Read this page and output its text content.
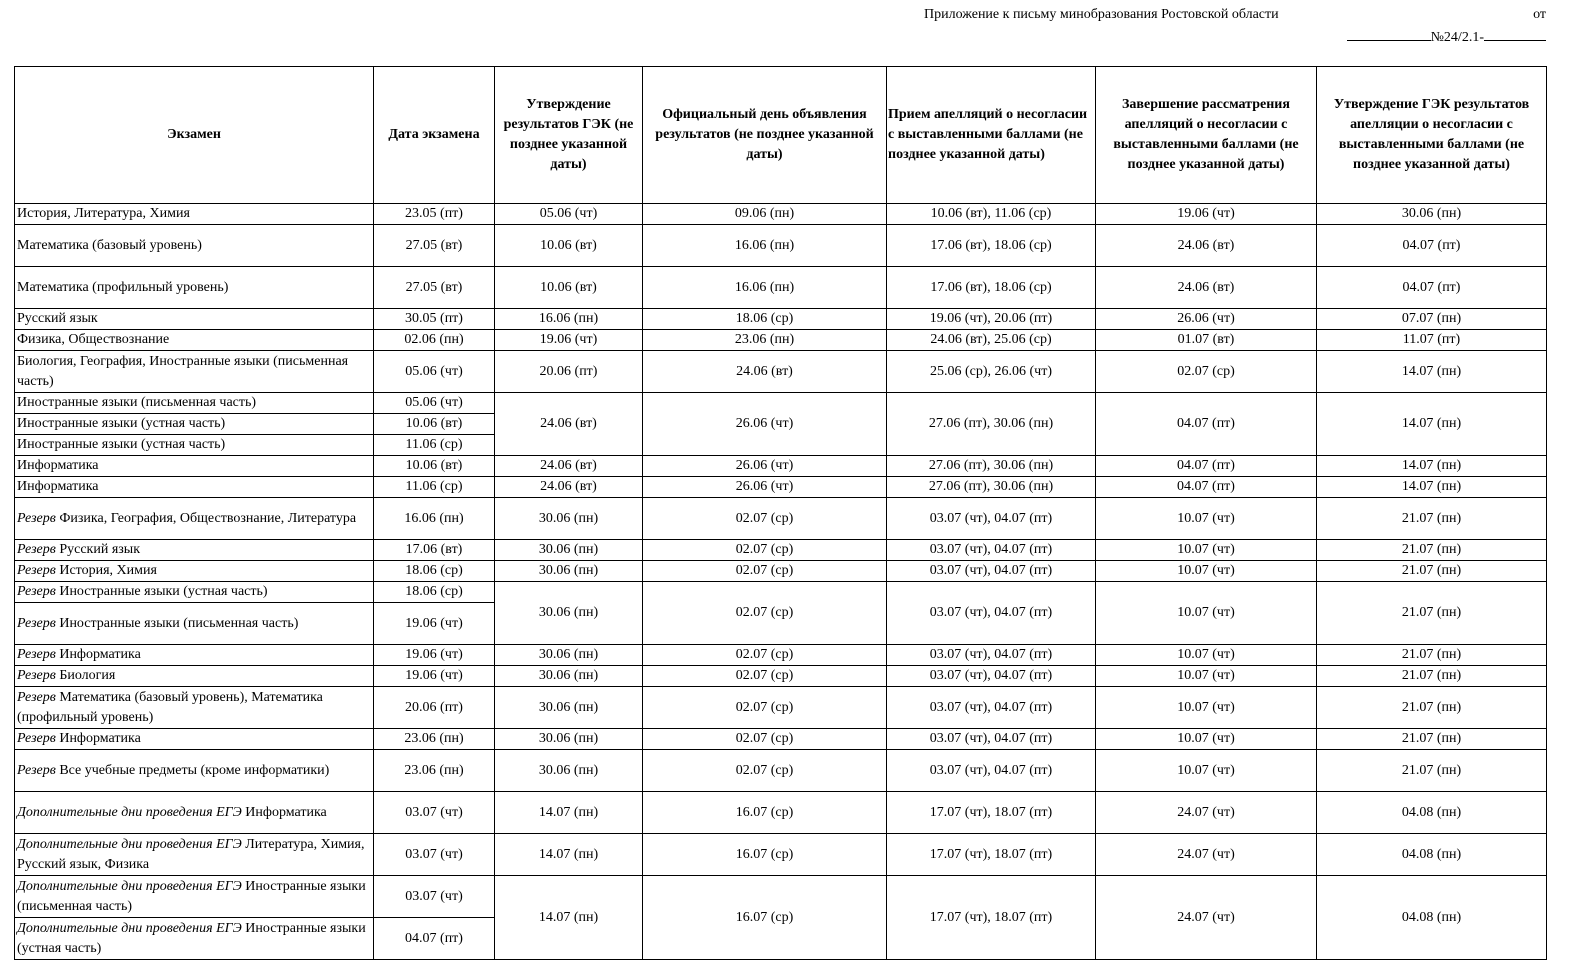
Приложение к письму минобразования Ростовской области	от
№24/2.1-
Экзамен	Дата экзамена	Утверждение результатов ГЭК (не позднее указанной даты)	Официальный день объявления результатов (не позднее указанной даты)	Прием апелляций о несогласии с выставленными баллами (не позднее указанной даты)	Завершение рассматрения апелляций о несогласии с выставленными баллами (не позднее указанной даты)	Утверждение ГЭК результатов апелляции о несогласии с выставленными баллами (не позднее указанной даты)
История, Литература, Химия	23.05 (пт)	05.06 (чт)	09.06 (пн)	10.06 (вт), 11.06 (ср)	19.06 (чт)	30.06 (пн)
Математика (базовый уровень)	27.05 (вт)	10.06 (вт)	16.06 (пн)	17.06 (вт), 18.06 (ср)	24.06 (вт)	04.07 (пт)
Математика (профильный уровень)	27.05 (вт)	10.06 (вт)	16.06 (пн)	17.06 (вт), 18.06 (ср)	24.06 (вт)	04.07 (пт)
Русский язык	30.05 (пт)	16.06 (пн)	18.06 (ср)	19.06 (чт), 20.06 (пт)	26.06 (чт)	07.07 (пн)
Физика, Обществознание	02.06 (пн)	19.06 (чт)	23.06 (пн)	24.06 (вт), 25.06 (ср)	01.07 (вт)	11.07 (пт)
Биология, География, Иностранные языки (письменная часть)	05.06 (чт)	20.06 (пт)	24.06 (вт)	25.06 (ср), 26.06 (чт)	02.07 (ср)	14.07 (пн)
Иностранные языки (письменная часть)	05.06 (чт)	24.06 (вт)	26.06 (чт)	27.06 (пт), 30.06 (пн)	04.07 (пт)	14.07 (пн)
Иностранные языки (устная часть)	10.06 (вт)					
Иностранные языки (устная часть)	11.06 (ср)					
Информатика	10.06 (вт)	24.06 (вт)	26.06 (чт)	27.06 (пт), 30.06 (пн)	04.07 (пт)	14.07 (пн)
Информатика	11.06 (ср)	24.06 (вт)	26.06 (чт)	27.06 (пт), 30.06 (пн)	04.07 (пт)	14.07 (пн)
Резерв Физика, География, Обществознание, Литература	16.06 (пн)	30.06 (пн)	02.07 (ср)	03.07 (чт), 04.07 (пт)	10.07 (чт)	21.07 (пн)
Резерв Русский язык	17.06 (вт)	30.06 (пн)	02.07 (ср)	03.07 (чт), 04.07 (пт)	10.07 (чт)	21.07 (пн)
Резерв История, Химия	18.06 (ср)	30.06 (пн)	02.07 (ср)	03.07 (чт), 04.07 (пт)	10.07 (чт)	21.07 (пн)
Резерв Иностранные языки (устная часть)	18.06 (ср)	30.06 (пн)	02.07 (ср)	03.07 (чт), 04.07 (пт)	10.07 (чт)	21.07 (пн)
Резерв Иностранные языки (письменная часть)	19.06 (чт)					
Резерв Информатика	19.06 (чт)	30.06 (пн)	02.07 (ср)	03.07 (чт), 04.07 (пт)	10.07 (чт)	21.07 (пн)
Резерв Биология	19.06 (чт)	30.06 (пн)	02.07 (ср)	03.07 (чт), 04.07 (пт)	10.07 (чт)	21.07 (пн)
Резерв Математика (базовый уровень), Математика (профильный уровень)	20.06 (пт)	30.06 (пн)	02.07 (ср)	03.07 (чт), 04.07 (пт)	10.07 (чт)	21.07 (пн)
Резерв Информатика	23.06 (пн)	30.06 (пн)	02.07 (ср)	03.07 (чт), 04.07 (пт)	10.07 (чт)	21.07 (пн)
Резерв Все учебные предметы (кроме информатики)	23.06 (пн)	30.06 (пн)	02.07 (ср)	03.07 (чт), 04.07 (пт)	10.07 (чт)	21.07 (пн)
Дополнительные дни проведения ЕГЭ Информатика	03.07 (чт)	14.07 (пн)	16.07 (ср)	17.07 (чт), 18.07 (пт)	24.07 (чт)	04.08 (пн)
Дополнительные дни проведения ЕГЭ Литература, Химия, Русский язык, Физика	03.07 (чт)	14.07 (пн)	16.07 (ср)	17.07 (чт), 18.07 (пт)	24.07 (чт)	04.08 (пн)
Дополнительные дни проведения ЕГЭ Иностранные языки (письменная часть)	03.07 (чт)	14.07 (пн)	16.07 (ср)	17.07 (чт), 18.07 (пт)	24.07 (чт)	04.08 (пн)
Дополнительные дни проведения ЕГЭ Иностранные языки (устная часть)	04.07 (пт)					
